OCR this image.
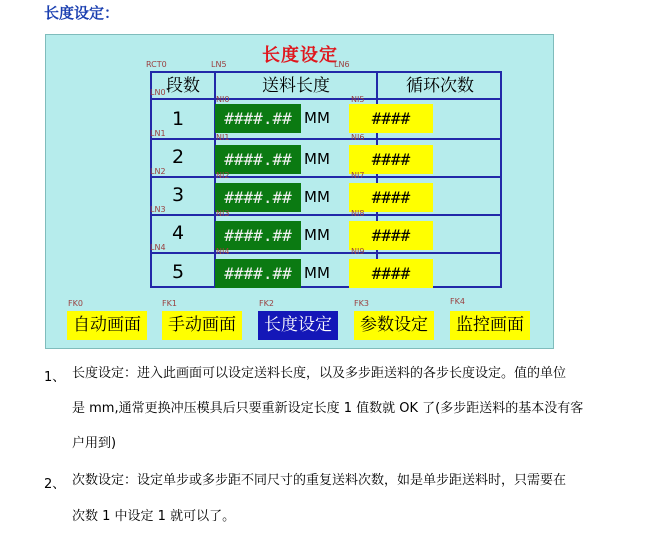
长度设定：
长度设定
RCT0	LN5	LN6
段数	送料长度	循环次数
LN0
NI0	NI5
1	####.## MM	####
LN1	NI1	NI6
2	####.## MM	####
LN2	NI2	NI7
3	####.## MM	####
LN3	NI3	NI8
4	####.## MM	####
LN4	NI4	NI9
5	####.## MM	####
FK0	FK1	FK2	FK3	FK4
自动画面	手动画面	长度设定	参数设定	监控画面
1、 长度设定：进入此画面可以设定送料长度，以及多步距送料的各步长度设定。值的单位
是 mm,通常更换冲压模具后只要重新设定长度 1 值数就 OK 了(多步距送料的基本没有客
户用到)
2、 次数设定：设定单步或多步距不同尺寸的重复送料次数，如是单步距送料时，只需要在
次数 1 中设定 1 就可以了。
